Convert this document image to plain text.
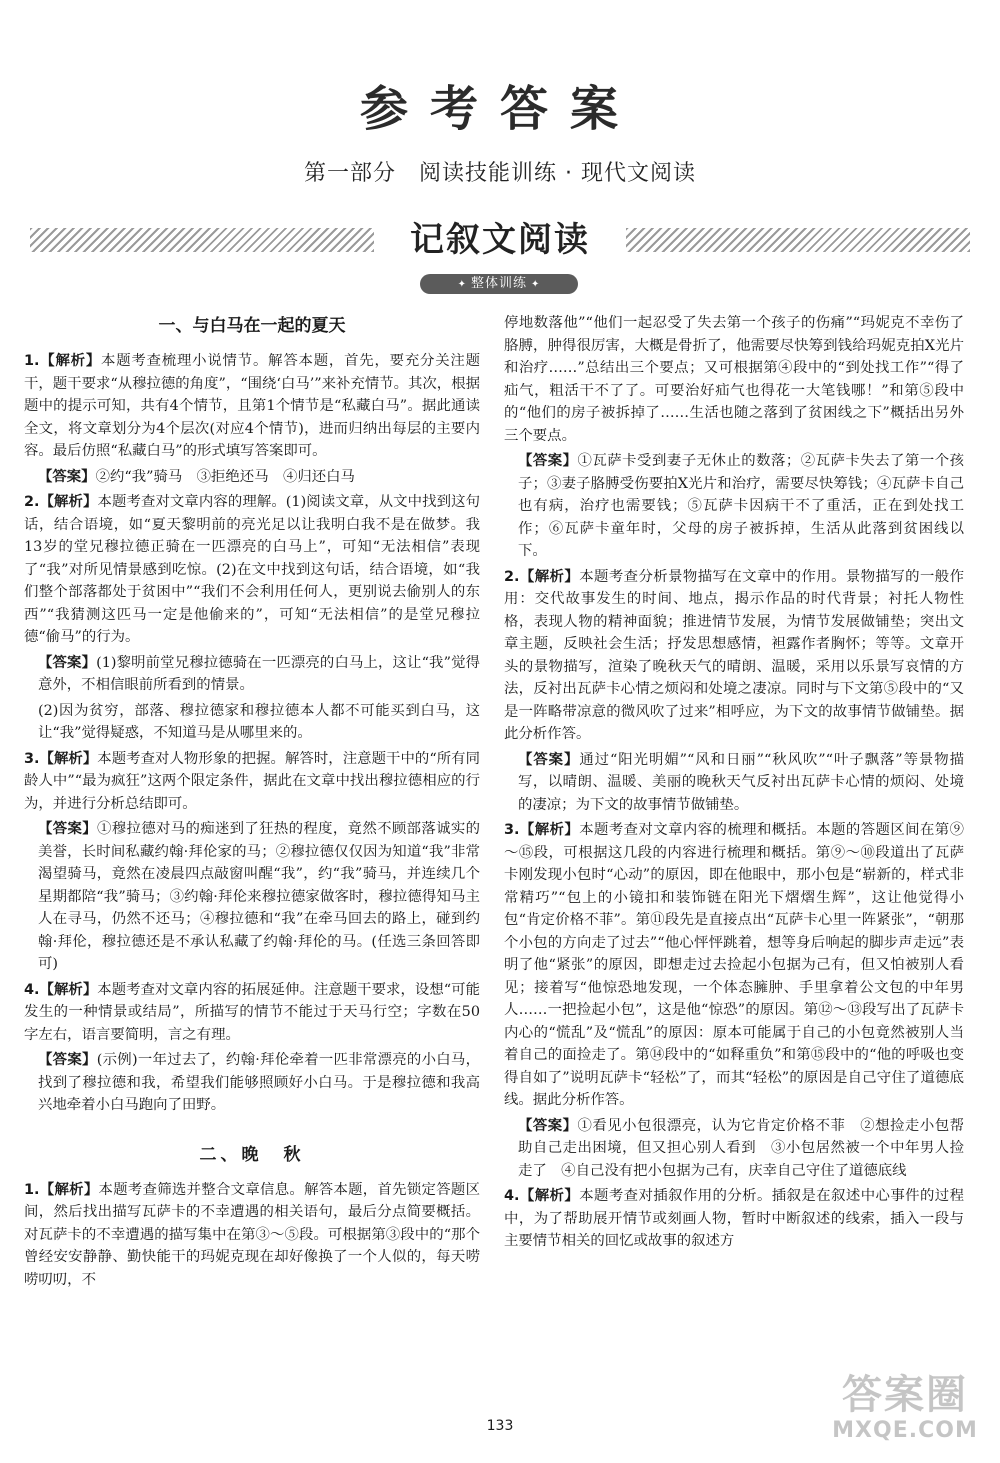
参考答案
第一部分　阅读技能训练 · 现代文阅读
记叙文阅读
✦ 整体训练 ✦
一、与白马在一起的夏天

1.【解析】本题考查梳理小说情节。解答本题，首先，要充分关注题干，题干要求“从穆拉德的角度”，“围绕‘白马’”来补充情节。其次，根据题中的提示可知，共有4个情节，且第1个情节是“私藏白马”。据此通读全文，将文章划分为4个层次(对应4个情节)，进而归纳出每层的主要内容。最后仿照“私藏白马”的形式填写答案即可。

【答案】②约“我”骑马　③拒绝还马　④归还白马

2.【解析】本题考查对文章内容的理解。(1)阅读文章，从文中找到这句话，结合语境，如“夏天黎明前的亮光足以让我明白我不是在做梦。我13岁的堂兄穆拉德正骑在一匹漂亮的白马上”，可知“无法相信”表现了“我”对所见情景感到吃惊。(2)在文中找到这句话，结合语境，如“我们整个部落都处于贫困中”“我们不会利用任何人，更别说去偷别人的东西”“我猜测这匹马一定是他偷来的”，可知“无法相信”的是堂兄穆拉德“偷马”的行为。

【答案】(1)黎明前堂兄穆拉德骑在一匹漂亮的白马上，这让“我”觉得意外，不相信眼前所看到的情景。

(2)因为贫穷，部落、穆拉德家和穆拉德本人都不可能买到白马，这让“我”觉得疑惑，不知道马是从哪里来的。

3.【解析】本题考查对人物形象的把握。解答时，注意题干中的“所有同龄人中”“最为疯狂”这两个限定条件，据此在文章中找出穆拉德相应的行为，并进行分析总结即可。

【答案】①穆拉德对马的痴迷到了狂热的程度，竟然不顾部落诚实的美誉，长时间私藏约翰·拜伦家的马；②穆拉德仅仅因为知道“我”非常渴望骑马，竟然在凌晨四点敲窗叫醒“我”，约“我”骑马，并连续几个星期都陪“我”骑马；③约翰·拜伦来穆拉德家做客时，穆拉德得知马主人在寻马，仍然不还马；④穆拉德和“我”在牵马回去的路上，碰到约翰·拜伦，穆拉德还是不承认私藏了约翰·拜伦的马。(任选三条回答即可)

4.【解析】本题考查对文章内容的拓展延伸。注意题干要求，设想“可能发生的一种情景或结局”，所描写的情节不能过于天马行空；字数在50字左右，语言要简明，言之有理。

【答案】(示例)一年过去了，约翰·拜伦牵着一匹非常漂亮的小白马，找到了穆拉德和我，希望我们能够照顾好小白马。于是穆拉德和我高兴地牵着小白马跑向了田野。

二、晚　秋

1.【解析】本题考查筛选并整合文章信息。解答本题，首先锁定答题区间，然后找出描写瓦萨卡的不幸遭遇的相关语句，最后分点简要概括。对瓦萨卡的不幸遭遇的描写集中在第③～⑤段。可根据第③段中的“那个曾经安安静静、勤快能干的玛妮克现在却好像换了一个人似的，每天唠唠叨叨，不

停地数落他”“他们一起忍受了失去第一个孩子的伤痛”“玛妮克不幸伤了胳膊，肿得很厉害，大概是骨折了，他需要尽快筹到钱给玛妮克拍X光片和治疗……”总结出三个要点；又可根据第④段中的“到处找工作”“得了疝气，粗活干不了了。可要治好疝气也得花一大笔钱哪！”和第⑤段中的“他们的房子被拆掉了……生活也随之落到了贫困线之下”概括出另外三个要点。

【答案】①瓦萨卡受到妻子无休止的数落；②瓦萨卡失去了第一个孩子；③妻子胳膊受伤要拍X光片和治疗，需要尽快筹钱；④瓦萨卡自己也有病，治疗也需要钱；⑤瓦萨卡因病干不了重活，正在到处找工作；⑥瓦萨卡童年时，父母的房子被拆掉，生活从此落到贫困线以下。

2.【解析】本题考查分析景物描写在文章中的作用。景物描写的一般作用：交代故事发生的时间、地点，揭示作品的时代背景；衬托人物性格，表现人物的精神面貌；推进情节发展，为情节发展做铺垫；突出文章主题，反映社会生活；抒发思想感情，袒露作者胸怀；等等。文章开头的景物描写，渲染了晚秋天气的晴朗、温暖，采用以乐景写哀情的方法，反衬出瓦萨卡心情之烦闷和处境之凄凉。同时与下文第⑤段中的“又是一阵略带凉意的微风吹了过来”相呼应，为下文的故事情节做铺垫。据此分析作答。

【答案】通过“阳光明媚”“风和日丽”“秋风吹”“叶子飘落”等景物描写，以晴朗、温暖、美丽的晚秋天气反衬出瓦萨卡心情的烦闷、处境的凄凉；为下文的故事情节做铺垫。

3.【解析】本题考查对文章内容的梳理和概括。本题的答题区间在第⑨～⑮段，可根据这几段的内容进行梳理和概括。第⑨～⑩段道出了瓦萨卡刚发现小包时“心动”的原因，即在他眼中，那小包是“崭新的，样式非常精巧”“包上的小镜扣和装饰链在阳光下熠熠生辉”，这让他觉得小包“肯定价格不菲”。第⑪段先是直接点出“瓦萨卡心里一阵紧张”，“朝那个小包的方向走了过去”“他心怦怦跳着，想等身后响起的脚步声走远”表明了他“紧张”的原因，即想走过去捡起小包据为己有，但又怕被别人看见；接着写“他惊恐地发现，一个体态臃肿、手里拿着公文包的中年男人……一把捡起小包”，这是他“惊恐”的原因。第⑫～⑬段写出了瓦萨卡内心的“慌乱”及“慌乱”的原因：原本可能属于自己的小包竟然被别人当着自己的面捡走了。第⑭段中的“如释重负”和第⑮段中的“他的呼吸也变得自如了”说明瓦萨卡“轻松”了，而其“轻松”的原因是自己守住了道德底线。据此分析作答。

【答案】①看见小包很漂亮，认为它肯定价格不菲　②想捡走小包帮助自己走出困境，但又担心别人看到　③小包居然被一个中年男人捡走了　④自己没有把小包据为己有，庆幸自己守住了道德底线

4.【解析】本题考查对插叙作用的分析。插叙是在叙述中心事件的过程中，为了帮助展开情节或刻画人物，暂时中断叙述的线索，插入一段与主要情节相关的回忆或故事的叙述方

133
答案圈
MXQE.COM
